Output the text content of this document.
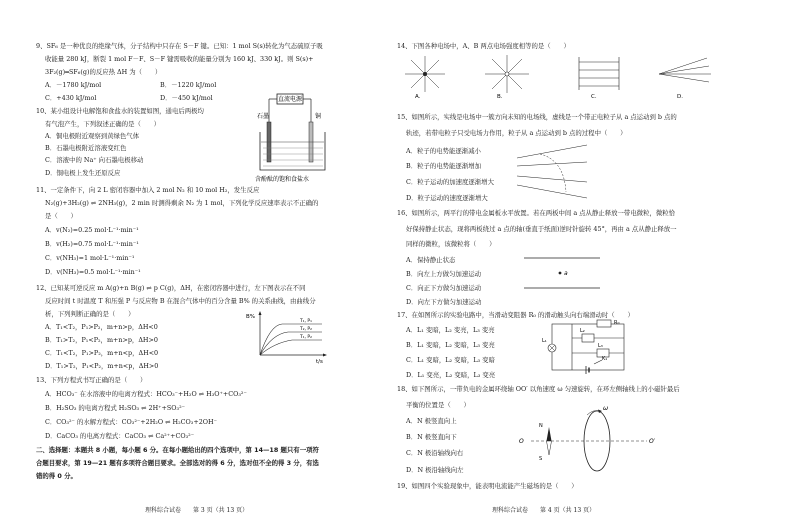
9、SF₆ 是一种优良的绝缘气体，分子结构中只存在 S－F 键。已知：1 mol S(s)转化为气态硫原子吸
收能量 280 kJ，断裂 1 mol F－F、S－F 键需吸收的能量分别为 160 kJ、330 kJ。则 S(s)+
3F₂(g)═SF₆(g)的反应热 ΔH 为（　　）
A．－1780 kJ/mol	B．－1220 kJ/mol
C．+430 kJ/mol	D．－450 kJ/mol
10、某小组设计电解饱和食盐水的装置如图，通电后两极均
有气泡产生，下列叙述正确的是（　　）
A．铜电极附近观察到黄绿色气体
B．石墨电极附近溶液变红色
C．溶液中的 Na⁺ 向石墨电极移动
D．铜电极上发生还原反应
直流电源
石墨	铜
含酚酞的饱和食盐水
11、一定条件下，向 2 L 密闭容器中加入 2 mol N₂ 和 10 mol H₂，发生反应
N₂(g)+3H₂(g) ⇌ 2NH₃(g)，2 min 时测得剩余 N₂ 为 1 mol，下列化学反应速率表示不正确的
是（　　）
A．v(N₂)=0.25 mol·L⁻¹·min⁻¹
B．v(H₂)=0.75 mol·L⁻¹·min⁻¹
C．v(NH₃)=1 mol·L⁻¹·min⁻¹
D．v(NH₃)=0.5 mol·L⁻¹·min⁻¹
12、已知某可逆反应 m A(g)+n B(g) ⇌ p C(g)，ΔH，在密闭容器中进行，左下图表示在不同
反应时间 t 时温度 T 和压强 P 与反应物 B 在混合气体中的百分含量 B% 的关系曲线，由曲线分
析，下列判断正确的是（　　）
A．T₁<T₂，P₁>P₂，m+n>p，ΔH<0
B．T₁>T₂，P₁<P₂，m+n>p，ΔH>0
C．T₁<T₂，P₁>P₂，m+n<p，ΔH<0
D．T₁>T₂，P₁<P₂，m+n<p，ΔH>0
B%
t/s
T₁, P₁
T₂, P₂
T₁, P₂
13、下列方程式书写正确的是（　　）
A．HCO₃⁻ 在水溶液中的电离方程式：HCO₃⁻+H₂O ⇌ H₃O⁺+CO₃²⁻
B．H₂SO₃ 的电离方程式 H₂SO₃ ⇌ 2H⁺+SO₃²⁻
C．CO₃²⁻ 的水解方程式：CO₃²⁻+2H₂O ⇌ H₂CO₃+2OH⁻
D．CaCO₃ 的电离方程式：CaCO₃ ⇌ Ca²⁺+CO₃²⁻
二、选择题：本题共 8 小题，每小题 6 分。在每小题给出的四个选项中，第 14—18 题只有一项符
合题目要求，第 19—21 题有多项符合题目要求。全部选对的得 6 分，选对但不全的得 3 分，有选
错的得 0 分。
理科综合试卷　　第 3 页（共 13 页）
14、下图各种电场中，A、B 两点电场强度相等的是（　　）
A.	B.	C.	D.
15、如图所示，实线是电场中一簇方向未知的电场线，虚线是一个带正电粒子从 a 点运动到 b 点的
轨迹，若带电粒子只受电场力作用，粒子从 a 点运动到 b 点的过程中（　　）
A．粒子的电势能逐渐减小
B．粒子的电势能逐渐增加
C．粒子运动的加速度逐渐增大
D．粒子运动的速度逐渐增大
16、如图所示，两平行的带电金属板水平放置。若在两板中间 a 点从静止释放一带电微粒，微粒恰
好保持静止状态，现将两板绕过 a 点的轴(垂直于纸面)逆时针旋转 45°，再由 a 点从静止释放一
同样的微粒，该微粒将（　　）
A．保持静止状态
B．向左上方做匀加速运动
C．向正下方做匀加速运动
D．向左下方做匀加速运动
a
17、在如图所示的实验电路中，当滑动变阻器 R₀ 的滑动触头向右端滑动时（　　）
A．L₁ 变暗，L₂ 变亮，L₃ 变亮
B．L₁ 变暗，L₂ 变暗，L₃ 变亮
C．L₁ 变暗，L₂ 变暗，L₃ 变暗
D．L₁ 变亮，L₂ 变暗，L₃ 变亮
R₀
L₂
L₃
L₁
K₁
18、如下图所示，一带负电的金属环绕轴 OO′ 以角速度 ω 匀速旋转，在环左侧轴线上的小磁针最后
平衡的位置是（　　）
A．N 极竖直向上
B．N 极竖直向下
C．N 极沿轴线向右
D．N 极沿轴线向左
O	O′
N
S
ω
19、如图四个实验现象中，能表明电流能产生磁场的是（　　）
理科综合试卷　　第 4 页（共 13 页）
